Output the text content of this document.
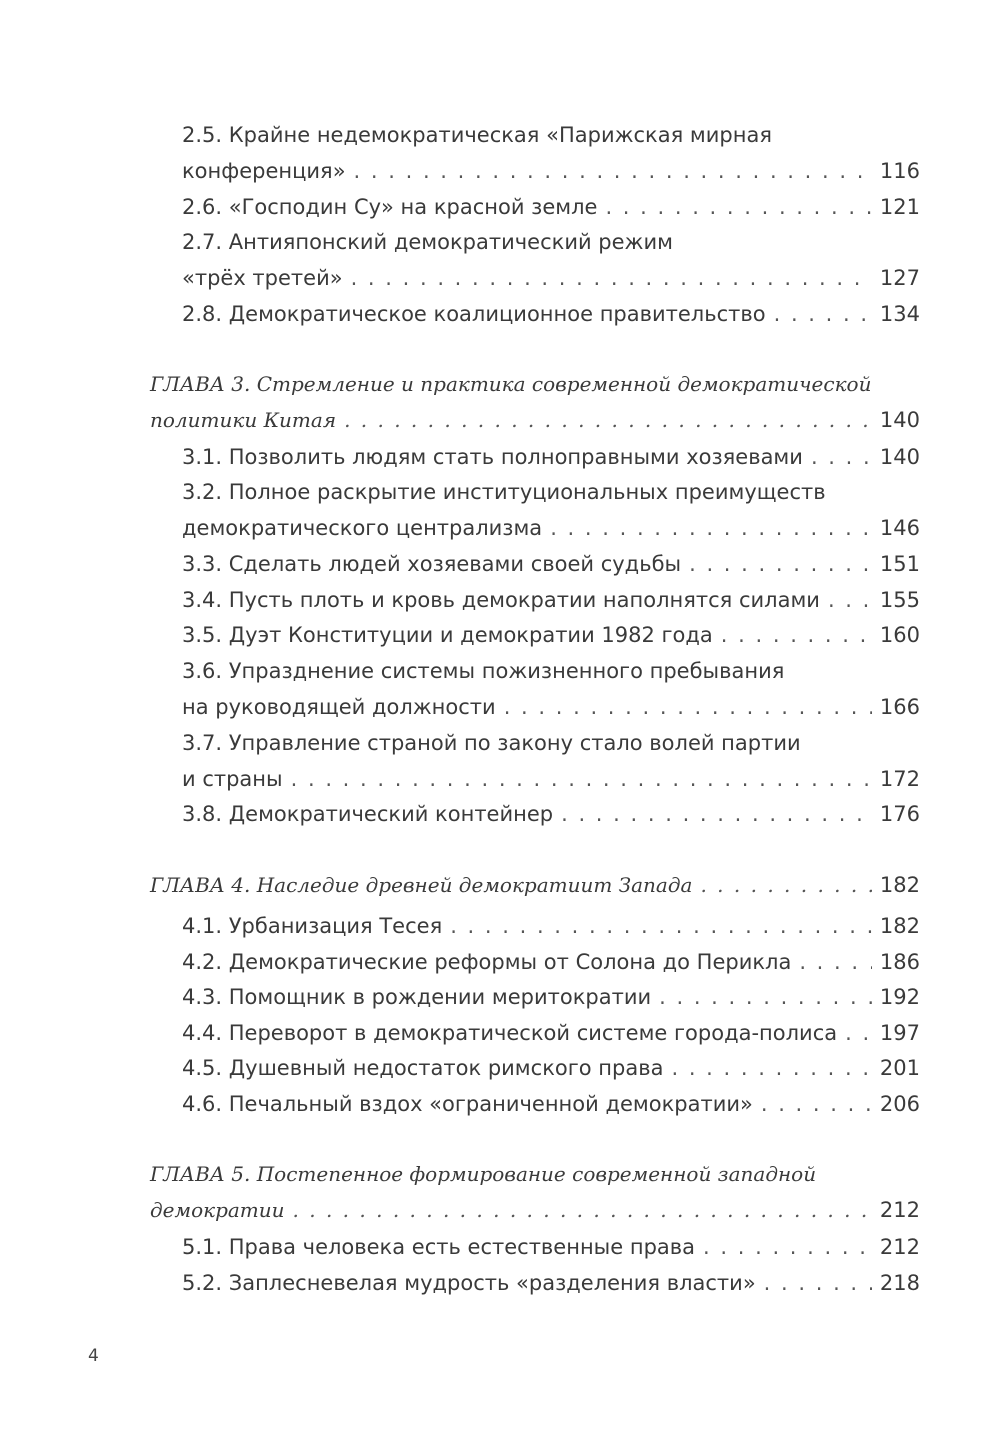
2.5. Крайне недемократическая «Парижская мирная
конференция» . . .	116
2.6. «Господин Су» на красной земле . . .	121
2.7. Антияпонский демократический режим
«трёх третей» . . .	127
2.8. Демократическое коалиционное правительство . . .	134
ГЛАВА 3. Стремление и практика современной демократической
политики Китая . . .	140
3.1. Позволить людям стать полноправными хозяевами . . .	140
3.2. Полное раскрытие институциональных преимуществ
демократического централизма . . .	146
3.3. Сделать людей хозяевами своей судьбы . . .	151
3.4. Пусть плоть и кровь демократии наполнятся силами . . .	155
3.5. Дуэт Конституции и демократии 1982 года . . .	160
3.6. Упразднение системы пожизненного пребывания
на руководящей должности . . .	166
3.7. Управление страной по закону стало волей партии
и страны . . .	172
3.8. Демократический контейнер . . .	176
ГЛАВА 4. Наследие древней демократиит Запада . . .	182
4.1. Урбанизация Тесея . . .	182
4.2. Демократические реформы от Солона до Перикла . . .	186
4.3. Помощник в рождении меритократии . . .	192
4.4. Переворот в демократической системе города-полиса . . . 197
4.5. Душевный недостаток римского права . . .	201
4.6. Печальный вздох «ограниченной демократии» . . .	206
ГЛАВА 5. Постепенное формирование современной западной
демократии . . .	212
5.1. Права человека есть естественные права . . .	212
5.2. Заплесневелая мудрость «разделения власти» . . .	218
4
